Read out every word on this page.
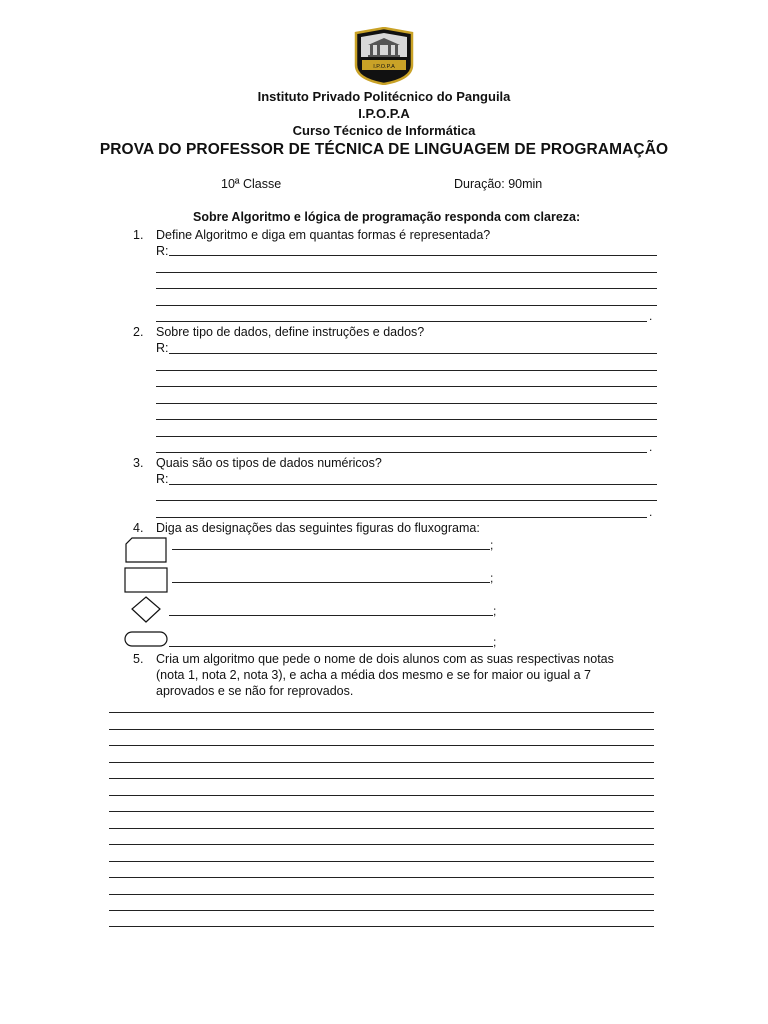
I.P.O.P.A
Instituto Privado Politécnico do Panguila
I.P.O.P.A
Curso Técnico de Informática
PROVA DO PROFESSOR DE TÉCNICA DE LINGUAGEM DE PROGRAMAÇÃO
10ª Classe	Duração: 90min
Sobre Algoritmo e lógica de programação responda com clareza:
1. Define Algoritmo e diga em quantas formas é representada?
R:
.
2. Sobre tipo de dados, define instruções e dados?
R:
.
3. Quais são os tipos de dados numéricos?
R:
.
4. Diga as designações das seguintes figuras do fluxograma:
;
;
;
;
5. Cria um algoritmo que pede o nome de dois alunos com as suas respectivas notas
(nota 1, nota 2, nota 3), e acha a média dos mesmo e se for maior ou igual a 7
aprovados e se não for reprovados.
